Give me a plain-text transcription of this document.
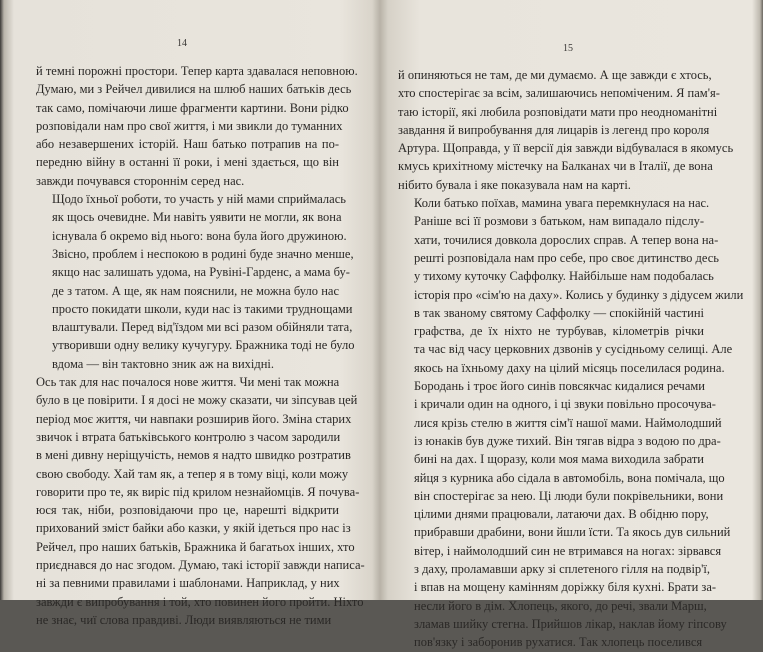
14

й темні порожні простори. Тепер карта здавалася неповною.
Думаю, ми з Рейчел дивилися на шлюб наших батьків десь
так само, помічаючи лише фрагменти картини. Вони рідко
розповідали нам про свої життя, і ми звикли до туманних
або незавершених історій. Наш батько потрапив на по-
передню війну в останні її роки, і мені здається, що він
завжди почувався стороннім серед нас.

Щодо їхньої роботи, то участь у ній мами сприймалась
як щось очевидне. Ми навіть уявити не могли, як вона
існувала б окремо від нього: вона була його дружиною.
Звісно, проблем і неспокою в родині буде значно менше,
якщо нас залишать удома, на Рувіні-Гарденс, а мама бу-
де з татом. А ще, як нам пояснили, не можна було нас
просто покидати школи, куди нас із такими труднощами
влаштували. Перед від'їздом ми всі разом обійняли тата,
утворивши одну велику кучугуру. Бражника тоді не було
вдома — він тактовно зник аж на вихідні.

Ось так для нас почалося нове життя. Чи мені так можна
було в це повірити. І я досі не можу сказати, чи зіпсував цей
період моє життя, чи навпаки розширив його. Зміна старих
звичок і втрата батьківського контролю з часом зародили
в мені дивну неріщучість, немов я надто швидко розтратив
свою свободу. Хай там як, а тепер я в тому віці, коли можу
говорити про те, як виріс під крилом незнайомців. Я почува-
юся так, ніби, розповідаючи про це, нарешті відкрити
прихований зміст байки або казки, у якій ідеться про нас із
Рейчел, про наших батьків, Бражника й багатьох інших, хто
приєднався до нас згодом. Думаю, такі історії завжди написа-
ні за певними правилами і шаблонами. Наприклад, у них
завжди є випробування і той, хто повинен його пройти. Ніхто
не знає, чиї слова правдиві. Люди виявляються не тими

15

й опиняються не там, де ми думаємо. А ще завжди є хтось,
хто спостерігає за всім, залишаючись непоміченим. Я пам'я-
таю історії, які любила розповідати мати про неодноманітні
завдання й випробування для лицарів із легенд про короля
Артура. Щоправда, у її версії дія завжди відбувалася в якомусь
кмусь крихітному містечку на Балканах чи в Італії, де вона
нібито бувала і яке показувала нам на карті.

Коли батько поїхав, мамина увага перемкнулася на нас.
Раніше всі її розмови з батьком, нам випадало підслу-
хати, точилися довкола дорослих справ. А тепер вона на-
решті розповідала нам про себе, про своє дитинство десь
у тихому куточку Саффолку. Найбільше нам подобалась
історія про «сім'ю на даху». Колись у будинку з дідусем жили
в так званому святому Саффолку — спокійній частині
графства, де їх ніхто не турбував, кілометрів річки
та час від часу церковних дзвонів у сусідньому селищі. Але
якось на їхньому даху на цілий місяць поселилася родина.
Бородань і троє його синів повсякчас кидалися речами
і кричали один на одного, і ці звуки повільно просочува-
лися крізь стелю в життя сім'ї нашої мами. Наймолодший
із юнаків був дуже тихий. Він тягав відра з водою по дра-
бині на дах. І щоразу, коли моя мама виходила забрати
яйця з курника або сідала в автомобіль, вона помічала, що
він спостерігає за нею. Ці люди були покрівельники, вони
цілими днями працювали, латаючи дах. В обідню пору,
прибравши драбини, вони йшли їсти. Та якось дув сильний
вітер, і наймолодший син не втримався на ногах: зірвався
з даху, проламавши арку зі сплетеного гілля на подвір'ї,
і впав на мощену камінням доріжку біля кухні. Брати за-
несли його в дім. Хлопець, якого, до речі, звали Марш,
зламав шийку стегна. Прийшов лікар, наклав йому гіпсову
пов'язку і заборонив рухатися. Так хлопець поселився
